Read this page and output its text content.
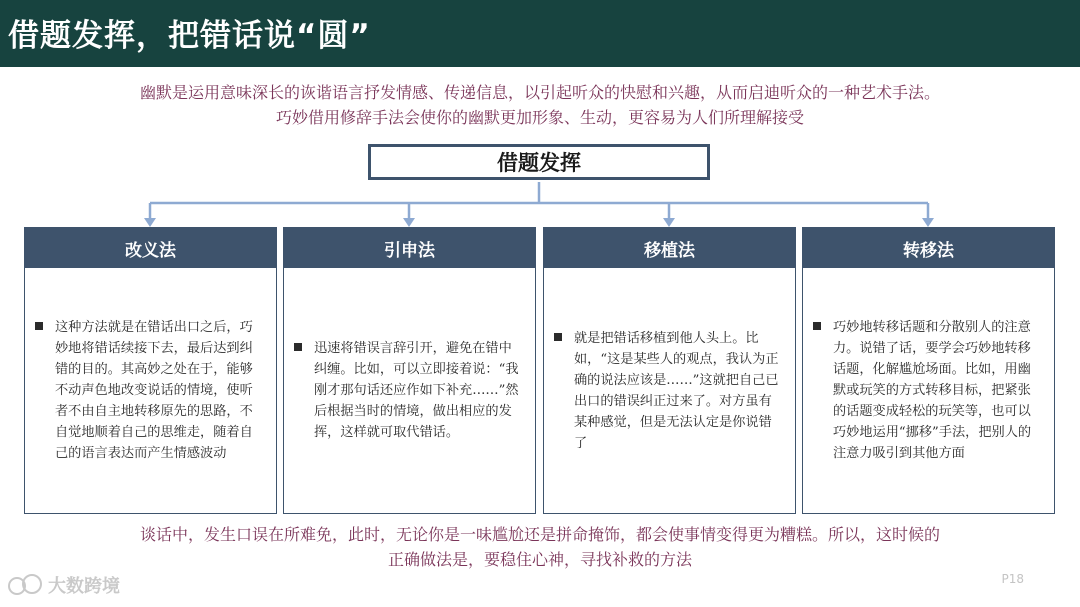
借题发挥，把错话说“圆”
幽默是运用意味深长的诙谐语言抒发情感、传递信息，以引起听众的快慰和兴趣，从而启迪听众的一种艺术手法。
巧妙借用修辞手法会使你的幽默更加形象、生动，更容易为人们所理解接受
借题发挥
改义法
这种方法就是在错话出口之后，巧妙地将错话续接下去，最后达到纠错的目的。其高妙之处在于，能够不动声色地改变说话的情境，使听者不由自主地转移原先的思路，不自觉地顺着自己的思维走，随着自己的语言表达而产生情感波动
引申法
迅速将错误言辞引开，避免在错中纠缠。比如，可以立即接着说：“我刚才那句话还应作如下补充……”然后根据当时的情境，做出相应的发挥，这样就可取代错话。
移植法
就是把错话移植到他人头上。比如，“这是某些人的观点，我认为正确的说法应该是……”这就把自己已出口的错误纠正过来了。对方虽有某种感觉，但是无法认定是你说错了
转移法
巧妙地转移话题和分散别人的注意力。说错了话，要学会巧妙地转移话题，化解尴尬场面。比如，用幽默或玩笑的方式转移目标，把紧张的话题变成轻松的玩笑等，也可以巧妙地运用“挪移”手法，把别人的注意力吸引到其他方面
谈话中，发生口误在所难免，此时，无论你是一味尴尬还是拼命掩饰，都会使事情变得更为糟糕。所以，这时候的
正确做法是，要稳住心神，寻找补救的方法
大数跨境	P18
